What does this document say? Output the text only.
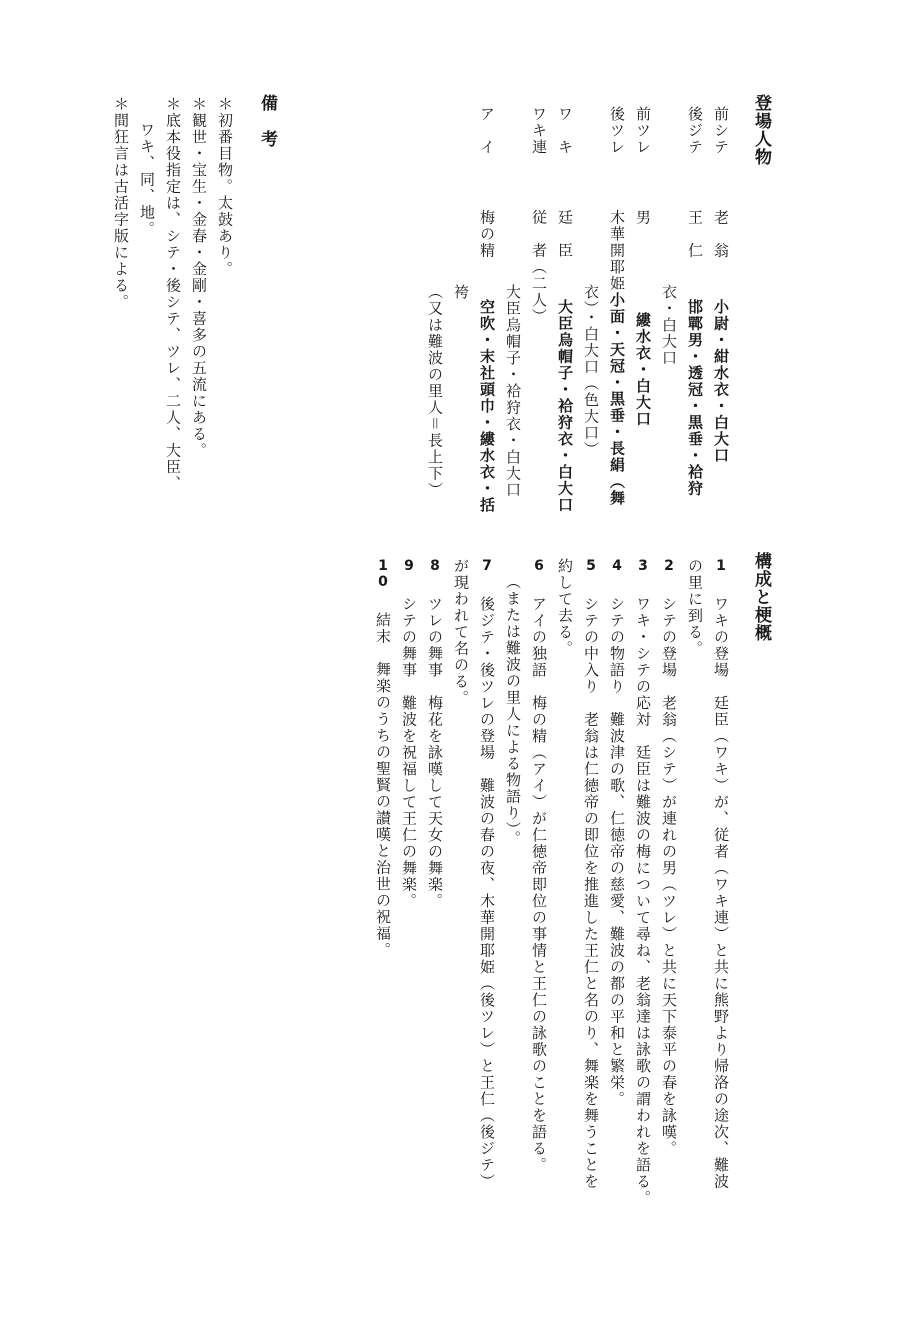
登場人物
前シテ老　翁小尉・紺水衣・白大口
後ジテ王　仁邯鄲男・透冠・黒垂・袷狩
衣・白大口
前ツレ男縷水衣・白大口
後ツレ木華開耶姫小面・天冠・黒垂・長絹（舞
衣）・白大口（色大口）
ワ　キ廷　臣大臣烏帽子・袷狩衣・白大口
ワキ連従　者（二人）
大臣烏帽子・袷狩衣・白大口
ア　イ梅の精空吹・末社頭巾・縷水衣・括
袴
（又は難波の里人＝長上下）
備　考
＊初番目物。太鼓あり。
＊観世・宝生・金春・金剛・喜多の五流にある。
＊底本役指定は、シテ・後シテ、ツレ、二人、大臣、
ワキ、同、地。
＊間狂言は古活字版による。
構成と梗概
1ワキの登場　廷臣（ワキ）が、従者（ワキ連）と共に熊野より帰洛の途次、難波
の里に到る。
2シテの登場　老翁（シテ）が連れの男（ツレ）と共に天下泰平の春を詠嘆。
3ワキ・シテの応対　廷臣は難波の梅について尋ね、老翁達は詠歌の謂われを語る。
4シテの物語り　難波津の歌、仁徳帝の慈愛、難波の都の平和と繁栄。
5シテの中入り　老翁は仁徳帝の即位を推進した王仁と名のり、舞楽を舞うことを
約して去る。
6アイの独語　梅の精（アイ）が仁徳帝即位の事情と王仁の詠歌のことを語る。
（または難波の里人による物語り）。
7後ジテ・後ツレの登場　難波の春の夜、木華開耶姫（後ツレ）と王仁（後ジテ）
が現われて名のる。
8ツレの舞事　梅花を詠嘆して天女の舞楽。
9シテの舞事　難波を祝福して王仁の舞楽。
10結末　舞楽のうちの聖賢の讃嘆と治世の祝福。
